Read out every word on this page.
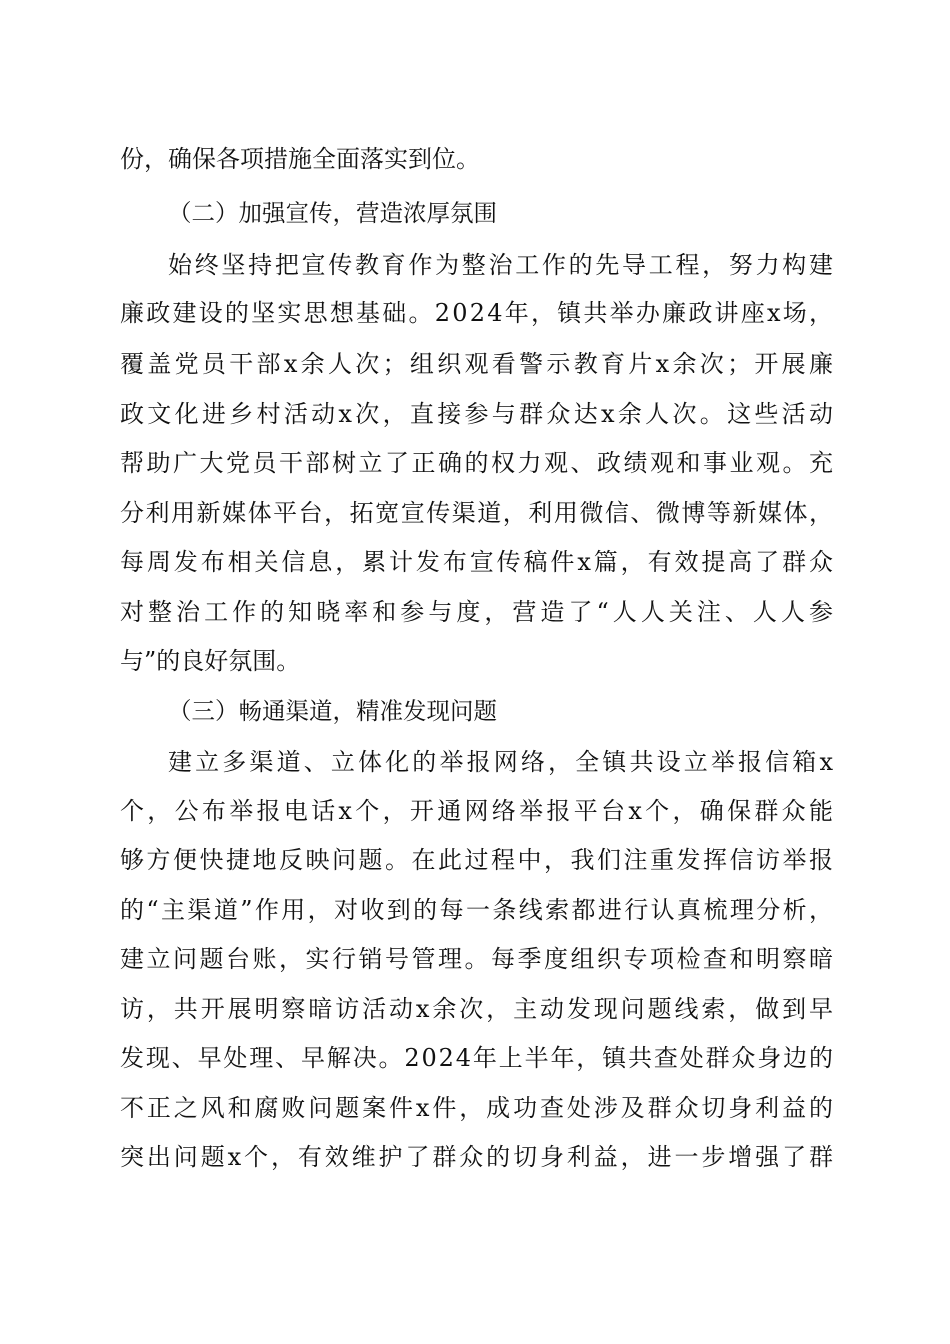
份，确保各项措施全面落实到位。
（二）加强宣传，营造浓厚氛围
始终坚持把宣传教育作为整治工作的先导工程，努力构建
廉政建设的坚实思想基础。2024年，镇共举办廉政讲座x场，
覆盖党员干部x余人次；组织观看警示教育片x余次；开展廉
政文化进乡村活动x次，直接参与群众达x余人次。这些活动
帮助广大党员干部树立了正确的权力观、政绩观和事业观。充
分利用新媒体平台，拓宽宣传渠道，利用微信、微博等新媒体，
每周发布相关信息，累计发布宣传稿件x篇，有效提高了群众
对整治工作的知晓率和参与度，营造了“人人关注、人人参
与”的良好氛围。
（三）畅通渠道，精准发现问题
建立多渠道、立体化的举报网络，全镇共设立举报信箱x
个，公布举报电话x个，开通网络举报平台x个，确保群众能
够方便快捷地反映问题。在此过程中，我们注重发挥信访举报
的“主渠道”作用，对收到的每一条线索都进行认真梳理分析，
建立问题台账，实行销号管理。每季度组织专项检查和明察暗
访，共开展明察暗访活动x余次，主动发现问题线索，做到早
发现、早处理、早解决。2024年上半年，镇共查处群众身边的
不正之风和腐败问题案件x件，成功查处涉及群众切身利益的
突出问题x个，有效维护了群众的切身利益，进一步增强了群
